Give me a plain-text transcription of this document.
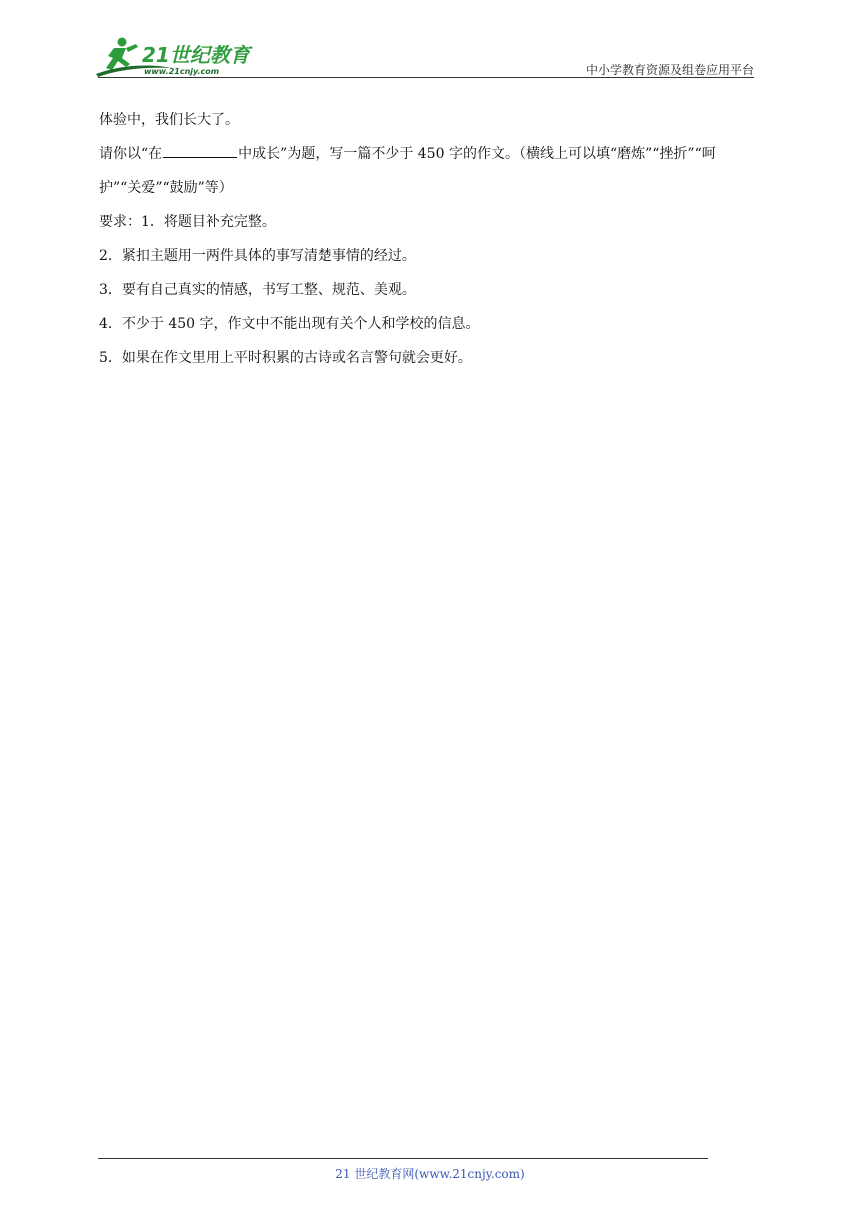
21世纪教育
www.21cnjy.com	中小学教育资源及组卷应用平台

体验中，我们长大了。

请你以“在	中成长”为题，写一篇不少于 450 字的作文。（横线上可以填“磨炼”“挫折”“呵

护”“关爱”“鼓励”等）

要求：1．将题目补充完整。

2．紧扣主题用一两件具体的事写清楚事情的经过。

3．要有自己真实的情感，书写工整、规范、美观。

4．不少于 450 字，作文中不能出现有关个人和学校的信息。

5．如果在作文里用上平时积累的古诗或名言警句就会更好。

21 世纪教育网(www.21cnjy.com)
